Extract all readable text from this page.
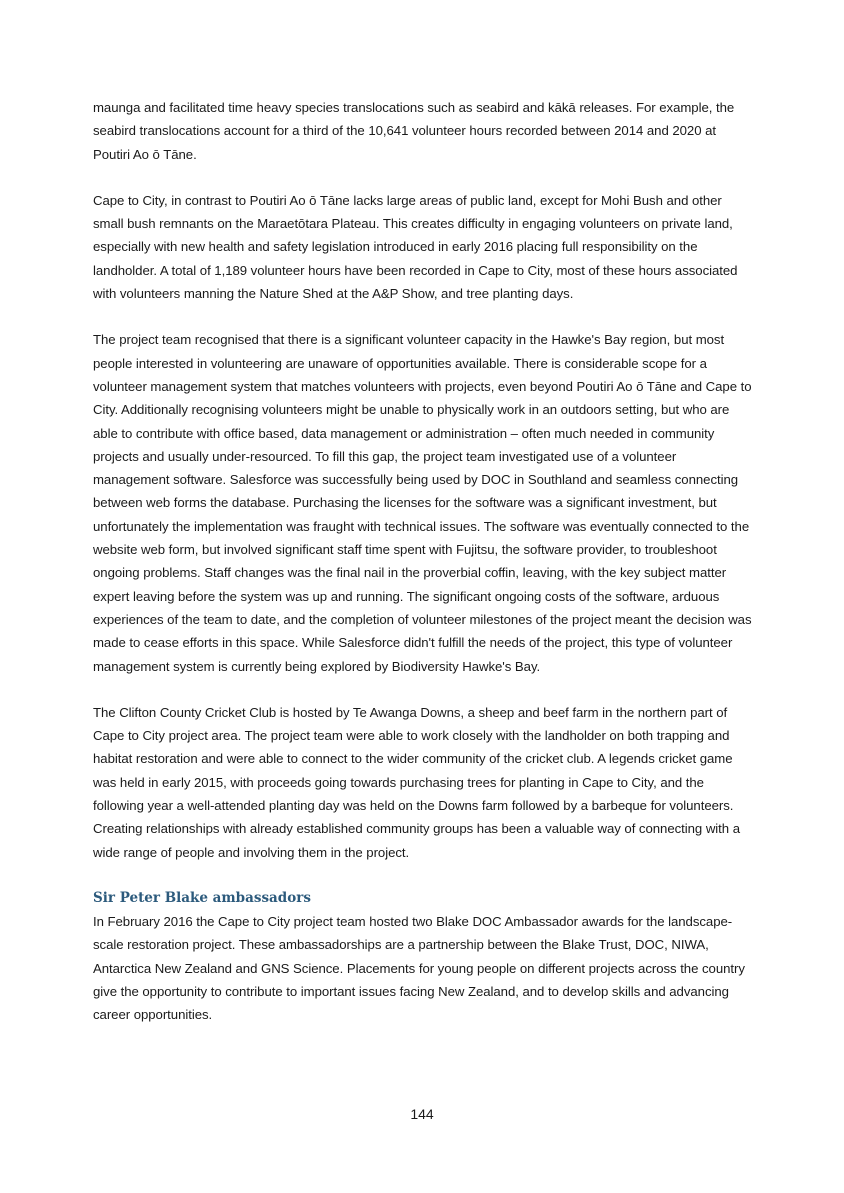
maunga and facilitated time heavy species translocations such as seabird and kākā releases. For example, the seabird translocations account for a third of the 10,641 volunteer hours recorded between 2014 and 2020 at Poutiri Ao ō Tāne.

Cape to City, in contrast to Poutiri Ao ō Tāne lacks large areas of public land, except for Mohi Bush and other small bush remnants on the Maraetōtara Plateau. This creates difficulty in engaging volunteers on private land, especially with new health and safety legislation introduced in early 2016 placing full responsibility on the landholder. A total of 1,189 volunteer hours have been recorded in Cape to City, most of these hours associated with volunteers manning the Nature Shed at the A&P Show, and tree planting days.

The project team recognised that there is a significant volunteer capacity in the Hawke's Bay region, but most people interested in volunteering are unaware of opportunities available. There is considerable scope for a volunteer management system that matches volunteers with projects, even beyond Poutiri Ao ō Tāne and Cape to City. Additionally recognising volunteers might be unable to physically work in an outdoors setting, but who are able to contribute with office based, data management or administration – often much needed in community projects and usually under-resourced. To fill this gap, the project team investigated use of a volunteer management software. Salesforce was successfully being used by DOC in Southland and seamless connecting between web forms the database. Purchasing the licenses for the software was a significant investment, but unfortunately the implementation was fraught with technical issues. The software was eventually connected to the website web form, but involved significant staff time spent with Fujitsu, the software provider, to troubleshoot ongoing problems. Staff changes was the final nail in the proverbial coffin, leaving, with the key subject matter expert leaving before the system was up and running. The significant ongoing costs of the software, arduous experiences of the team to date, and the completion of volunteer milestones of the project meant the decision was made to cease efforts in this space. While Salesforce didn't fulfill the needs of the project, this type of volunteer management system is currently being explored by Biodiversity Hawke's Bay.

The Clifton County Cricket Club is hosted by Te Awanga Downs, a sheep and beef farm in the northern part of Cape to City project area. The project team were able to work closely with the landholder on both trapping and habitat restoration and were able to connect to the wider community of the cricket club. A legends cricket game was held in early 2015, with proceeds going towards purchasing trees for planting in Cape to City, and the following year a well-attended planting day was held on the Downs farm followed by a barbeque for volunteers. Creating relationships with already established community groups has been a valuable way of connecting with a wide range of people and involving them in the project.

Sir Peter Blake ambassadors

In February 2016 the Cape to City project team hosted two Blake DOC Ambassador awards for the landscape-scale restoration project. These ambassadorships are a partnership between the Blake Trust, DOC, NIWA, Antarctica New Zealand and GNS Science. Placements for young people on different projects across the country give the opportunity to contribute to important issues facing New Zealand, and to develop skills and advancing career opportunities.

144
